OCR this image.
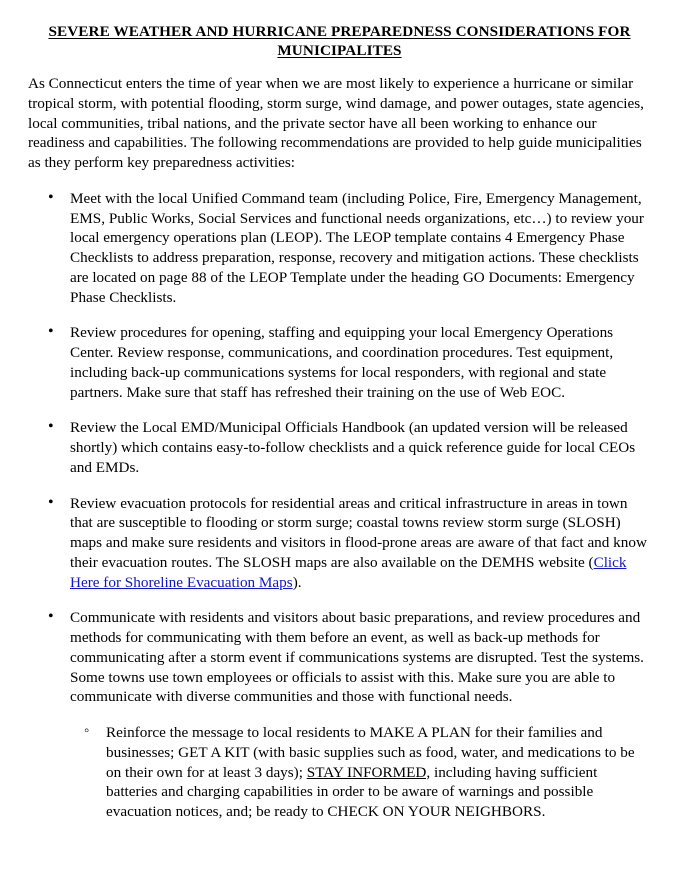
SEVERE WEATHER AND HURRICANE PREPAREDNESS CONSIDERATIONS FOR
MUNICIPALITES

As Connecticut enters the time of year when we are most likely to experience a hurricane or similar tropical storm, with potential flooding, storm surge, wind damage, and power outages, state agencies, local communities, tribal nations, and the private sector have all been working to enhance our readiness and capabilities. The following recommendations are provided to help guide municipalities as they perform key preparedness activities:

• Meet with the local Unified Command team (including Police, Fire, Emergency Management, EMS, Public Works, Social Services and functional needs organizations, etc…) to review your local emergency operations plan (LEOP). The LEOP template contains 4 Emergency Phase Checklists to address preparation, response, recovery and mitigation actions. These checklists are located on page 88 of the LEOP Template under the heading GO Documents: Emergency Phase Checklists.
• Review procedures for opening, staffing and equipping your local Emergency Operations Center. Review response, communications, and coordination procedures. Test equipment, including back-up communications systems for local responders, with regional and state partners. Make sure that staff has refreshed their training on the use of Web EOC.
• Review the Local EMD/Municipal Officials Handbook (an updated version will be released shortly) which contains easy-to-follow checklists and a quick reference guide for local CEOs and EMDs.
• Review evacuation protocols for residential areas and critical infrastructure in areas in town that are susceptible to flooding or storm surge; coastal towns review storm surge (SLOSH) maps and make sure residents and visitors in flood-prone areas are aware of that fact and know their evacuation routes. The SLOSH maps are also available on the DEMHS website (Click Here for Shoreline Evacuation Maps).
• Communicate with residents and visitors about basic preparations, and review procedures and methods for communicating with them before an event, as well as back-up methods for communicating after a storm event if communications systems are disrupted. Test the systems. Some towns use town employees or officials to assist with this. Make sure you are able to communicate with diverse communities and those with functional needs.
◦ Reinforce the message to local residents to MAKE A PLAN for their families and businesses; GET A KIT (with basic supplies such as food, water, and medications to be on their own for at least 3 days); STAY INFORMED, including having sufficient batteries and charging capabilities in order to be aware of warnings and possible evacuation notices, and; be ready to CHECK ON YOUR NEIGHBORS.
